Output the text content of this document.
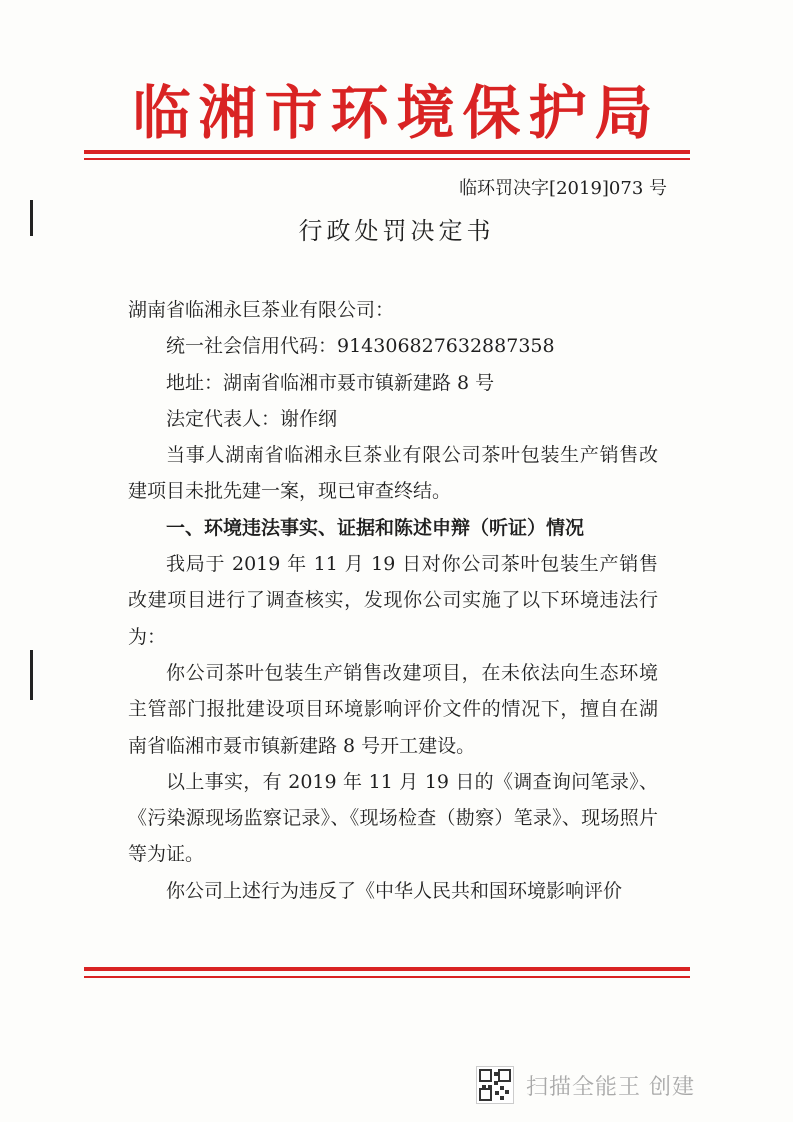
临湘市环境保护局
临环罚决字[2019]073 号
行政处罚决定书

湖南省临湘永巨茶业有限公司：

统一社会信用代码：914306827632887358

地址：湖南省临湘市聂市镇新建路 8 号

法定代表人：谢作纲

当事人湖南省临湘永巨茶业有限公司茶叶包装生产销售改建项目未批先建一案，现已审查终结。

一、环境违法事实、证据和陈述申辩（听证）情况

我局于 2019 年 11 月 19 日对你公司茶叶包装生产销售改建项目进行了调查核实，发现你公司实施了以下环境违法行为：

你公司茶叶包装生产销售改建项目，在未依法向生态环境主管部门报批建设项目环境影响评价文件的情况下，擅自在湖南省临湘市聂市镇新建路 8 号开工建设。

以上事实，有 2019 年 11 月 19 日的《调查询问笔录》、《污染源现场监察记录》、《现场检查（勘察）笔录》、现场照片等为证。

你公司上述行为违反了《中华人民共和国环境影响评价

扫描全能王 创建
